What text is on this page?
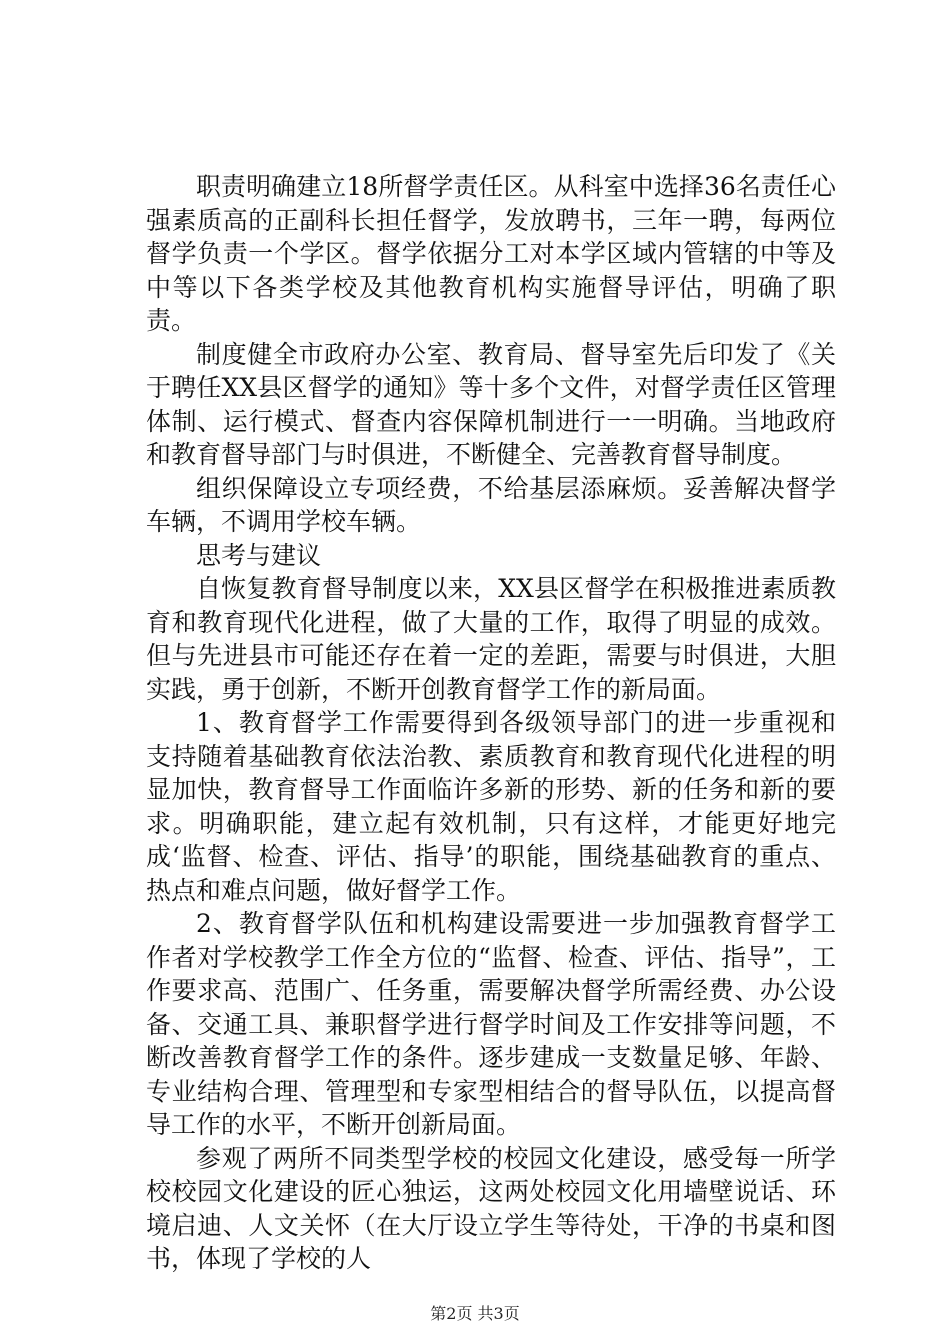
职责明确建立18所督学责任区。从科室中选择36名责任心强素质高的正副科长担任督学，发放聘书，三年一聘，每两位督学负责一个学区。督学依据分工对本学区域内管辖的中等及中等以下各类学校及其他教育机构实施督导评估，明确了职责。

制度健全市政府办公室、教育局、督导室先后印发了《关于聘任XX县区督学的通知》等十多个文件，对督学责任区管理体制、运行模式、督查内容保障机制进行一一明确。当地政府和教育督导部门与时俱进，不断健全、完善教育督导制度。

组织保障设立专项经费，不给基层添麻烦。妥善解决督学车辆，不调用学校车辆。

思考与建议

自恢复教育督导制度以来，XX县区督学在积极推进素质教育和教育现代化进程，做了大量的工作，取得了明显的成效。但与先进县市可能还存在着一定的差距，需要与时俱进，大胆实践，勇于创新，不断开创教育督学工作的新局面。

1、教育督学工作需要得到各级领导部门的进一步重视和支持随着基础教育依法治教、素质教育和教育现代化进程的明显加快，教育督导工作面临许多新的形势、新的任务和新的要求。明确职能，建立起有效机制，只有这样，才能更好地完成‘监督、检查、评估、指导’的职能，围绕基础教育的重点、热点和难点问题，做好督学工作。

2、教育督学队伍和机构建设需要进一步加强教育督学工作者对学校教学工作全方位的“监督、检查、评估、指导”，工作要求高、范围广、任务重，需要解决督学所需经费、办公设备、交通工具、兼职督学进行督学时间及工作安排等问题，不断改善教育督学工作的条件。逐步建成一支数量足够、年龄、专业结构合理、管理型和专家型相结合的督导队伍，以提高督导工作的水平，不断开创新局面。

参观了两所不同类型学校的校园文化建设，感受每一所学校校园文化建设的匠心独运，这两处校园文化用墙壁说话、环境启迪、人文关怀（在大厅设立学生等待处，干净的书桌和图书，体现了学校的人

第2页 共3页
